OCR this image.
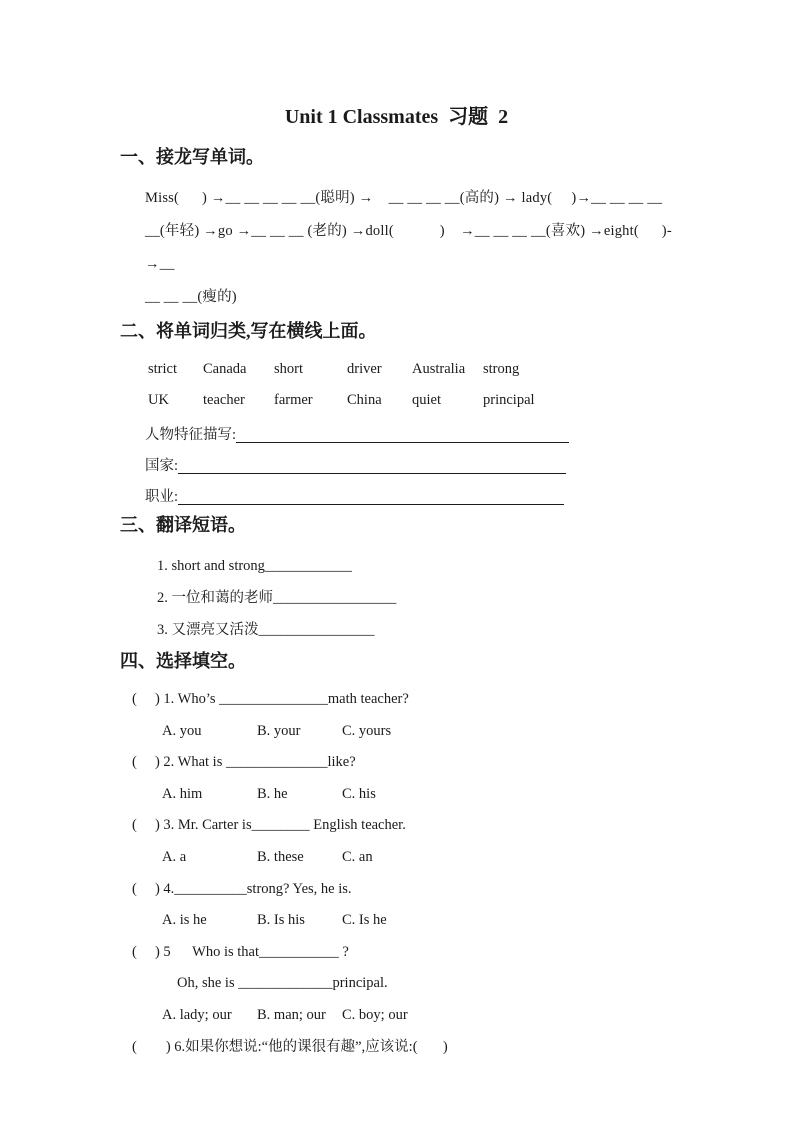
Unit 1 Classmates  习题  2
一、接龙写单词。
Miss(      ) →__ __ __ __ __(聪明) →    __ __ __ __(高的) → lady(     )→__ __ __ __
__(年轻) →go →__ __ __ (老的) →doll(            )    →__ __ __ __(喜欢) →eight(      )- →__
__ __ __(瘦的)
二、将单词归类,写在横线上面。
strict	Canada	short	driver	Australia	strong
UK	teacher	farmer	China	quiet	principal
人物特征描写:
国家:
职业:
三、翻译短语。
1. short and strong____________
2. 一位和蔼的老师_________________
3. 又漂亮又活泼________________
四、选择填空。
(     ) 1. Who’s _______________math teacher?
A. you	B. your	C. yours
(     ) 2. What is ______________like?
A. him	B. he	C. his
(     ) 3. Mr. Carter is________ English teacher.
A. a	B. these	C. an
(     ) 4.__________strong? Yes, he is.
A. is he	B. Is his	C. Is he
(     ) 5      Who is that___________ ?
Oh, she is _____________principal.
A. lady; our	B. man; our	C. boy; our
(        ) 6.如果你想说:“他的课很有趣”,应该说:(       )
